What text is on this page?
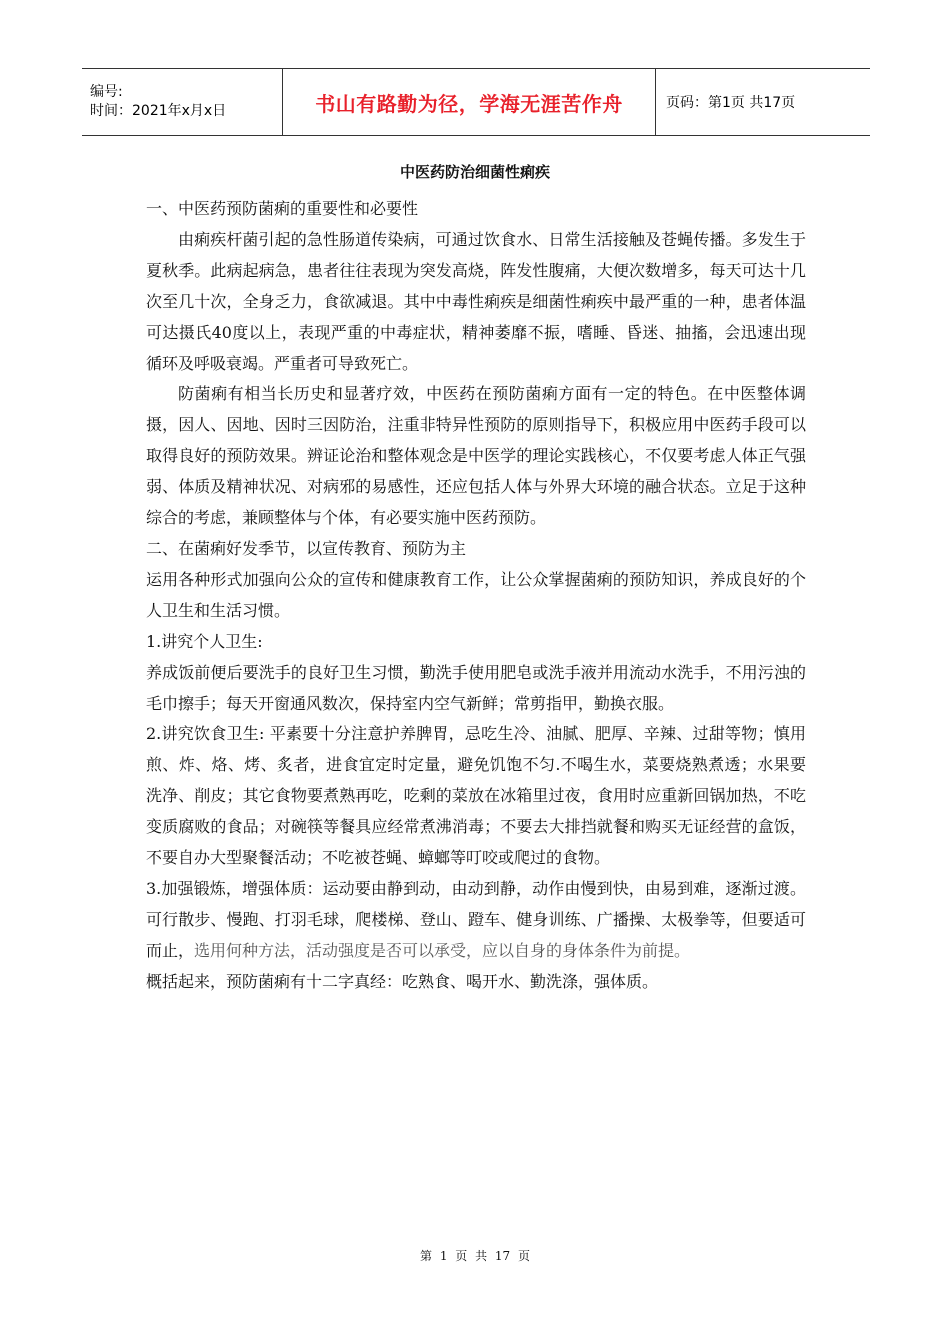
编号:
时间：2021年x月x日	书山有路勤为径，学海无涯苦作舟	页码：第1页 共17页
中医药防治细菌性痢疾

一、中医药预防菌痢的重要性和必要性

由痢疾杆菌引起的急性肠道传染病，可通过饮食水、日常生活接触及苍蝇传播。多发生于夏秋季。此病起病急，患者往往表现为突发高烧，阵发性腹痛，大便次数增多，每天可达十几次至几十次，全身乏力，食欲减退。其中中毒性痢疾是细菌性痢疾中最严重的一种，患者体温可达摄氏40度以上，表现严重的中毒症状，精神萎靡不振，嗜睡、昏迷、抽搐，会迅速出现循环及呼吸衰竭。严重者可导致死亡。

防菌痢有相当长历史和显著疗效，中医药在预防菌痢方面有一定的特色。在中医整体调摄，因人、因地、因时三因防治，注重非特异性预防的原则指导下，积极应用中医药手段可以取得良好的预防效果。辨证论治和整体观念是中医学的理论实践核心，不仅要考虑人体正气强弱、体质及精神状况、对病邪的易感性，还应包括人体与外界大环境的融合状态。立足于这种综合的考虑，兼顾整体与个体，有必要实施中医药预防。

二、在菌痢好发季节，以宣传教育、预防为主

运用各种形式加强向公众的宣传和健康教育工作，让公众掌握菌痢的预防知识，养成良好的个人卫生和生活习惯。

1.讲究个人卫生:

养成饭前便后要洗手的良好卫生习惯，勤洗手使用肥皂或洗手液并用流动水洗手，不用污浊的毛巾擦手；每天开窗通风数次，保持室内空气新鲜；常剪指甲，勤换衣服。

2.讲究饮食卫生: 平素要十分注意护养脾胃，忌吃生冷、油腻、肥厚、辛辣、过甜等物；慎用煎、炸、烙、烤、炙者，进食宜定时定量，避免饥饱不匀.不喝生水，菜要烧熟煮透；水果要洗净、削皮；其它食物要煮熟再吃，吃剩的菜放在冰箱里过夜，食用时应重新回锅加热，不吃变质腐败的食品；对碗筷等餐具应经常煮沸消毒；不要去大排挡就餐和购买无证经营的盒饭，不要自办大型聚餐活动；不吃被苍蝇、蟑螂等叮咬或爬过的食物。

3.加强锻炼，增强体质：运动要由静到动，由动到静，动作由慢到快，由易到难，逐渐过渡。可行散步、慢跑、打羽毛球，爬楼梯、登山、蹬车、健身训练、广播操、太极拳等，但要适可而止，选用何种方法，活动强度是否可以承受，应以自身的身体条件为前提。

概括起来，预防菌痢有十二字真经：吃熟食、喝开水、勤洗涤，强体质。

第 1 页 共 17 页
